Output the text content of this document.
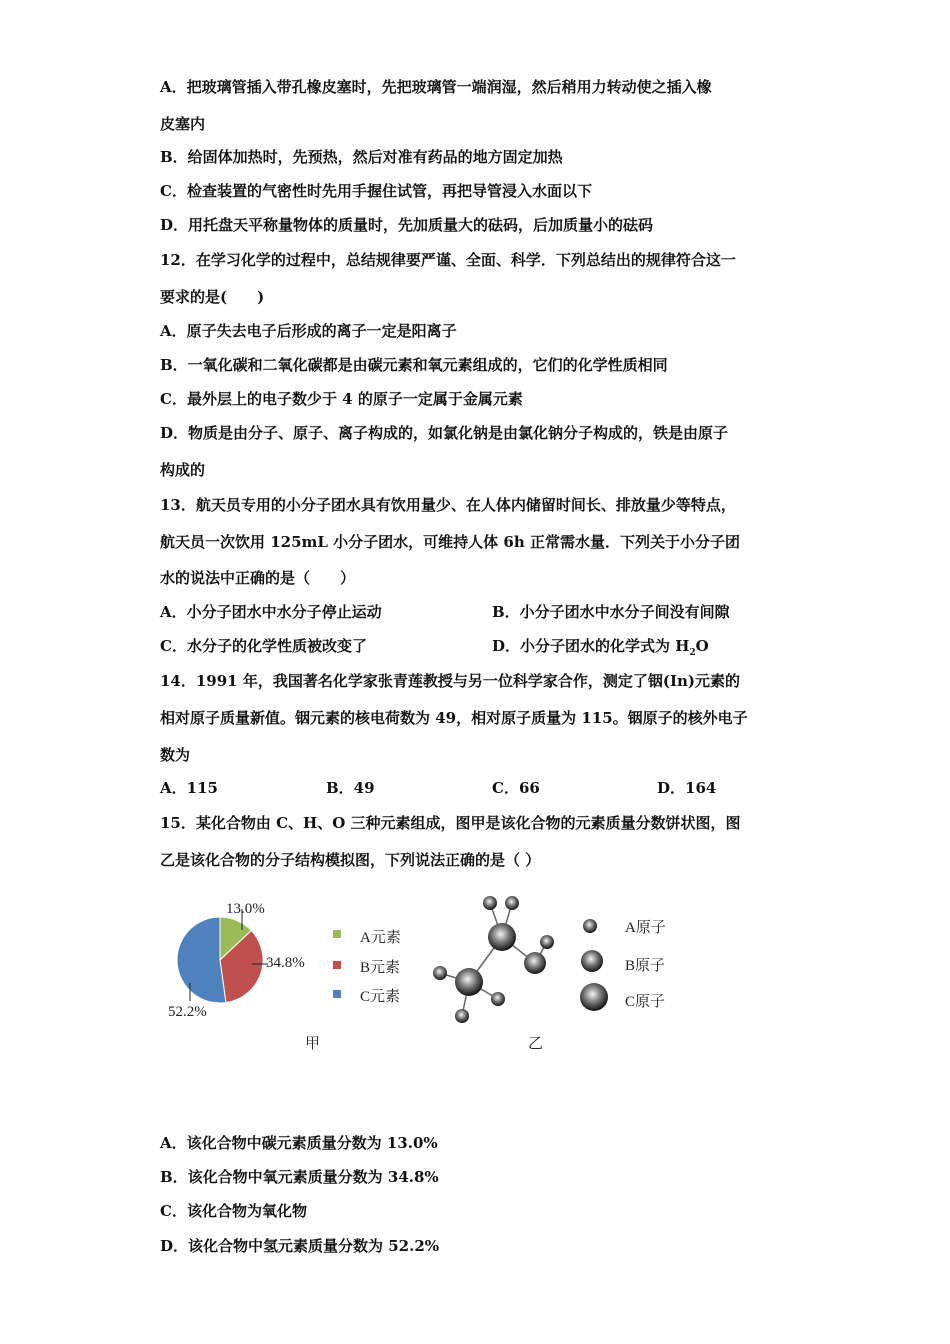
A．把玻璃管插入带孔橡皮塞时，先把玻璃管一端润湿，然后稍用力转动使之插入橡
皮塞内
B．给固体加热时，先预热，然后对准有药品的地方固定加热
C．检查装置的气密性时先用手握住试管，再把导管浸入水面以下
D．用托盘天平称量物体的质量时，先加质量大的砝码，后加质量小的砝码
12．在学习化学的过程中，总结规律要严谨、全面、科学．下列总结出的规律符合这一
要求的是(　　)
A．原子失去电子后形成的离子一定是阳离子
B．一氧化碳和二氧化碳都是由碳元素和氧元素组成的，它们的化学性质相同
C．最外层上的电子数少于 4 的原子一定属于金属元素
D．物质是由分子、原子、离子构成的，如氯化钠是由氯化钠分子构成的，铁是由原子
构成的
13．航天员专用的小分子团水具有饮用量少、在人体内储留时间长、排放量少等特点，
航天员一次饮用 125mL 小分子团水，可维持人体 6h 正常需水量．下列关于小分子团
水的说法中正确的是（　　）
A．小分子团水中水分子停止运动	B．小分子团水中水分子间没有间隙
C．水分子的化学性质被改变了	D．小分子团水的化学式为 $H_2O$
14．1991 年，我国著名化学家张青莲教授与另一位科学家合作，测定了铟(In)元素的
相对原子质量新值。铟元素的核电荷数为 49，相对原子质量为 115。铟原子的核外电子
数为
A．115	B．49	C．66	D．164
15．某化合物由 C、H、O 三种元素组成，图甲是该化合物的元素质量分数饼状图，图
乙是该化合物的分子结构模拟图，下列说法正确的是（ ）
13.0%
34.8%
52.2%
A元素
B元素
C元素
A原子
B原子
C原子
甲	乙
A．该化合物中碳元素质量分数为 13.0%
B．该化合物中氧元素质量分数为 34.8%
C．该化合物为氧化物
D．该化合物中氢元素质量分数为 52.2%
